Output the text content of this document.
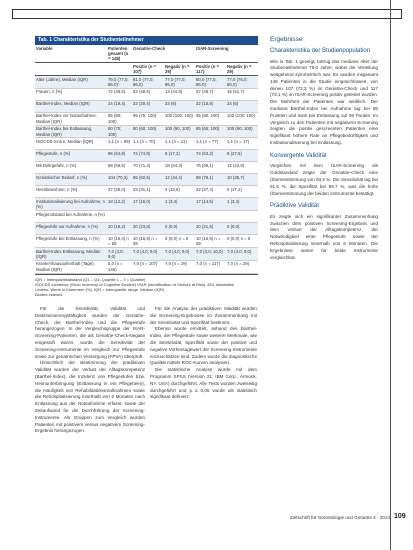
Tab. 1 Charakteristika der Studienteilnehmer
Variable	Patienten gesamt (n = 148)	Geriatrie-Check		ISAR-Screening	
		Positiv (n = 107)	Negativ (n = 29)	Positiv (n = 117)	Negativ (n = 29)
Alter (Jahre), Median (IQR)	79,0 (77,0; 86,0)	81,0 (77,0; 86,0)	77,0 (77,0; 86,0)	80,0 (77,0; 86,0)	77,0 (76,0; 80,0)
Frauen, n (%)	72 (48,6)	53 (49,5)	13 (44,8)	57 (48,7)	15 (51,7)
Barthel-Index, Median (IQR)	24 (19,4)	22 (20,4)	23 (6)	22 (18,8)	24 (6)
Barthel-Index vor Notaufnahme, Median (IQR)	95 (80; 100)	95 (75; 100)	100 (100; 100)	95 (80; 100)	100 (100; 100)
Barthel-Index bei Entlassung, Median (IQR)	90 (70; 100)	80 (60; 100)	100 (90; 100)	85 (65; 100)	100 (90; 100)
ISOCDS-Score, Median (IQR)	1,1 (n = 99)	1,1 (n = 70)	1,1 (n = 11)	1,1 (n = 77)	1,1 (n = 17)
Pflegestufe, n (%)	96 (64,8)	74 (74,8)	5 (17,2)	74 (63,2)	8 (27,6)
Mit Delirgefahr, n (%)	88 (59,5)	70 (71,4)	18 (64,3)	76 (69,1)	12 (42,9)
Geriatrischer Bedarf, n (%)	104 (70,3)	85 (82,5)	12 (44,4)	89 (78,1)	10 (35,7)
Heimbewohner, n (%)	37 (25,0)	33 (31,1)	4 (13,8)	32 (27,4)	5 (17,2)
Institutionalisierung bei Aufnahme, n (%)	18 (12,2)	17 (16,0)	1 (3,4)	17 (14,5)	1 (3,4)
Pflegenotstand bei Aufnahme, n (%)					
Pflegestufe vor Aufnahme, n (%)	20 (19,2)	20 (23,8)	0 (0,0)	20 (21,5)	0 (0,0)
Pflegestufe bei Entlassung, n (%)	10 (15,4) n = 65	10 (16,9) n = 59	0 (0,0) n = 6	10 (16,9) n = 59	0 (0,0) n = 6
Barthel-Index Entlassung, Median (IQR)	7,0 (4,0; 9,0)	7,0 (4,0; 9,0)	7,0 (4,0; 9,0)	7,0 (4,0; 10,0)	7,0 (4,0; 9,0)
Krankenhausaufenthalt (Tage), Median (IQR)	5,0 (n = 146)	7,0 (n = 107)	7,0 (n = 29)	7,0 (n = 117)	7,0 (n = 29)
IQR = Interquartilsabstand (Q1 – Q3; Quartile 1 – 3 = Quartile)
ISOCDS Incidence (Short Inventory of Cognitive Decline) ISAR (Identification of Seniors at Risk), ADL Aktivitäten
Lebens. Werte in Klammern (%). IQR = interquartile range. Median (IQR)
Bolded indexes

Für die Sensitivität, Validität und Diskriminierungsfähigkeit wurden der Geriatrie-Check, der Barthel-Index und die Pflegestufe herangezogen. In der Vergleichsgruppe der ISAR-Screening-Patienten, die als Geriatrie-Check-Negativ eingestuft waren, wurde die Sensitivität der Screening-Instrumente im Vergleich zur Pflegestufe sowie zur geriatrischen Versorgung (FPVA) überprüft.

Hinsichtlich der Bestimmung der prädiktiven Validität wurden der Verlust der Alltagskompetenz (Barthel-Index), die Inzidenz von Pflegestufen bzw. Heimunterbringung (Entlassung in ein Pflegeheim), die Häufigkeit von Rehabilitationsmaßnahmen sowie die Rehospitalisierung innerhalb von 6 Monaten nach Entlassung aus der Notaufnahme erfasst, sowie der Zeitaufwand für die Durchführung der Screening-Instrumente. Als Gruppen zum Vergleich wurden Patienten mit positivem versus negativem Screening-Ergebnis herangezogen.

Für die Analyse der prädiktiven Validität wurden die Screening-Ergebnisse im Zusammenhang mit der Sensitivität und Spezifität bestimmt.

Ebenso wurde ermittelt, anhand des Barthel-Index, der Pflegestufe sowie weiterer Merkmale, wie die Sensitivität, Spezifität sowie der positive und negative Vorhersagewert der Screening-Instrumente einzuschätzen sind. Zudem wurde die diagnostische Qualität mittels ROC-Kurven analysiert.

Die statistische Analyse wurde mit dem Programm SPSS (Version 21; IBM Corp., Armonk, NY, USA) durchgeführt. Alle Tests wurden zweiseitig durchgeführt und p ≤ 0,05 wurde als statistisch signifikant definiert.

Ergebnisse
Charakteristika der Studienpopulation

Wie in Tab. 1 gezeigt, betrug das mediane Alter der Studienteilnehmer 79,0 Jahre, wobei die Verteilung weitgehend symmetrisch war. Es wurden insgesamt 148 Patienten in die Studie eingeschlossen, von denen 107 (72,3 %) im Geriatrie-Check und 117 (79,1 %) im ISAR-Screening positiv getestet wurden. Die Mehrheit der Patienten war weiblich. Der mediane Barthel-Index bei Aufnahme lag bei 95 Punkten und sank bei Entlassung auf 90 Punkte. Im Vergleich zu den Patienten mit negativem Screening zeigten die positiv gescreenten Patienten eine signifikant höhere Rate an Pflegebedürftigkeit und Institutionalisierung bei Entlassung.

Konvergente Validität

Verglichen mit dem ISAR-Screening als Goldstandard zeigte der Geriatrie-Check eine Übereinstimmung von 93,2 %. Die Sensitivität lag bei 91,5 %, die Spezifität bei 89,7 %, was die hohe Übereinstimmung der beiden Instrumente bestätigt.

Prädiktive Validität

Es zeigte sich ein signifikanter Zusammenhang zwischen dem positiven Screening-Ergebnis und dem Verlust der Alltagskompetenz, der Notwendigkeit einer Pflegestufe sowie der Rehospitalisierung innerhalb von 6 Monaten. Die Ergebnisse waren für beide Instrumente vergleichbar.

Zeitschrift für Gerontologie und Geriatrie 2 · 2013 109
